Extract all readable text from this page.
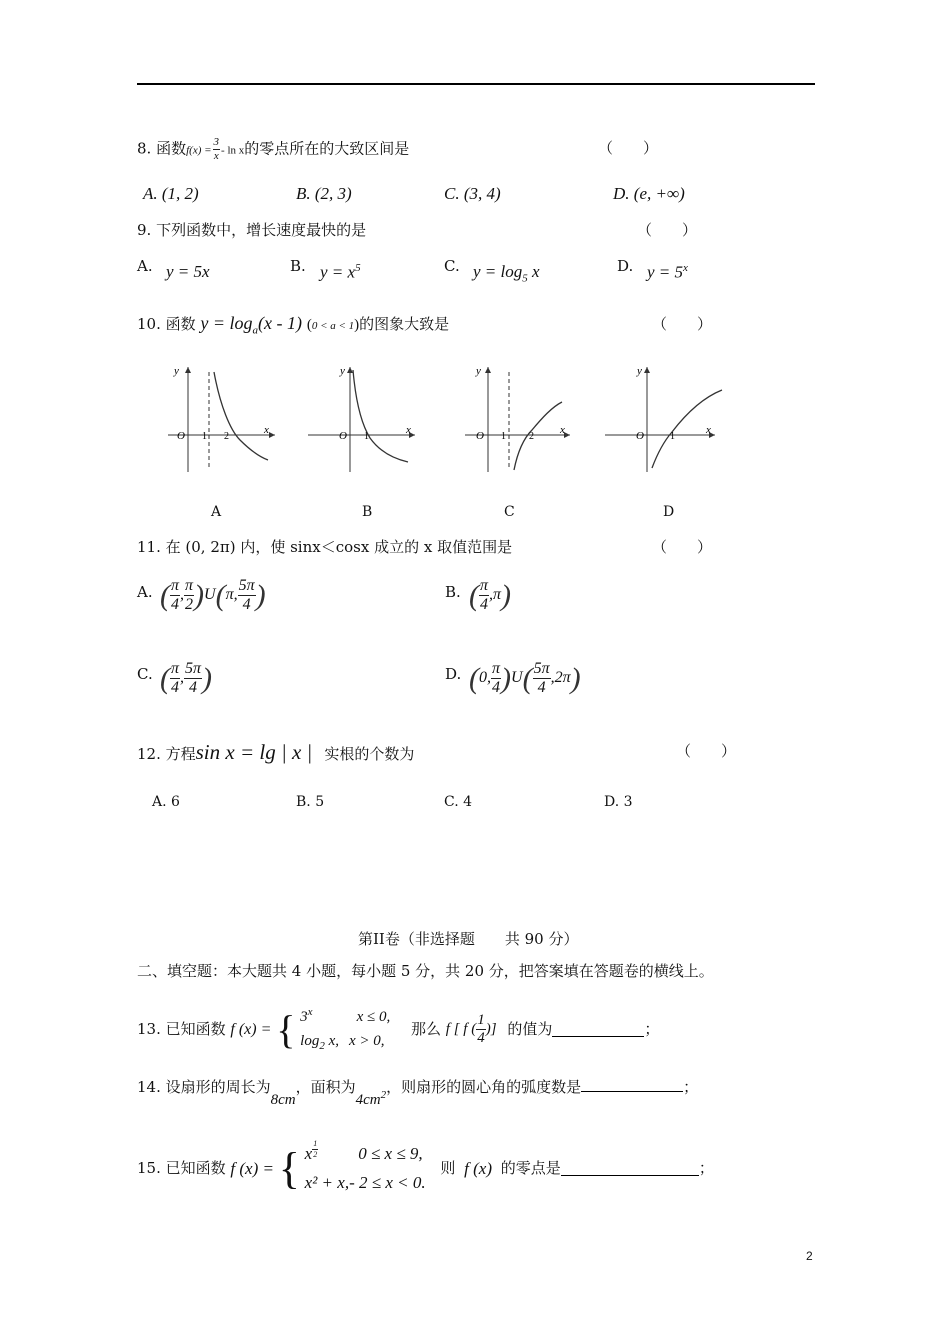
8. 函数$f(x) = \frac{3}{x} - \ln x$的零点所在的大致区间是	（　　）
A. (1, 2)	B. (2, 3)	C. (3, 4)	D. (e, +∞)
9. 下列函数中，增长速度最快的是	（　　）
A. y = 5x	B. $y = x^5$	C. $y = \log_5 x$	D. $y = 5^x$
10. 函数 $y = \log_a(x - 1) (0 < a < 1)$的图象大致是	（　　）
y
x
O 1 2
y
x
O 1
y
x
O 1 2
y
x
O	1
A	B	C	D
11. 在 (0, 2π) 内，使 sinx＜cosx 成立的 x 取值范围是	（　　）
A. ( $\frac{\pi}{4}$ , $\frac{\pi}{2} )U(\pi$, $\frac{5\pi}{4}$ )	B. ( $\frac{\pi}{4} ,\pi$)
C. ( $\frac{\pi}{4}$ , $\frac{5\pi}{4}$ )	D. (0, $\frac{\pi}{4} )U( \frac{5\pi}{4} ,2\pi)$
12. 方程sin x = lg | x | 实根的个数为	（　　）
A. 6	B. 5	C. 4	D. 3
第II卷（非选择题　　共 90 分）
二、填空题：本大题共 4 小题，每小题 5 分，共 20 分，把答案填在答题卷的横线上。
13. 已知函数 f (x) = { 3$^x$	x ≤ 0,
$\log_2 x$, x > 0,
那么 f [ f ( $\frac{1}{4}$ )] 的值为	；
14. 设扇形的周长为8cm，面积为$4cm^2$，则扇形的圆心角的弧度数是	；
15. 已知函数 f (x) = { x $^{\frac{1}{2}}$ 0 ≤ x ≤ 9,
x² + x,- 2 ≤ x < 0.
则 f (x) 的零点是	；
2
